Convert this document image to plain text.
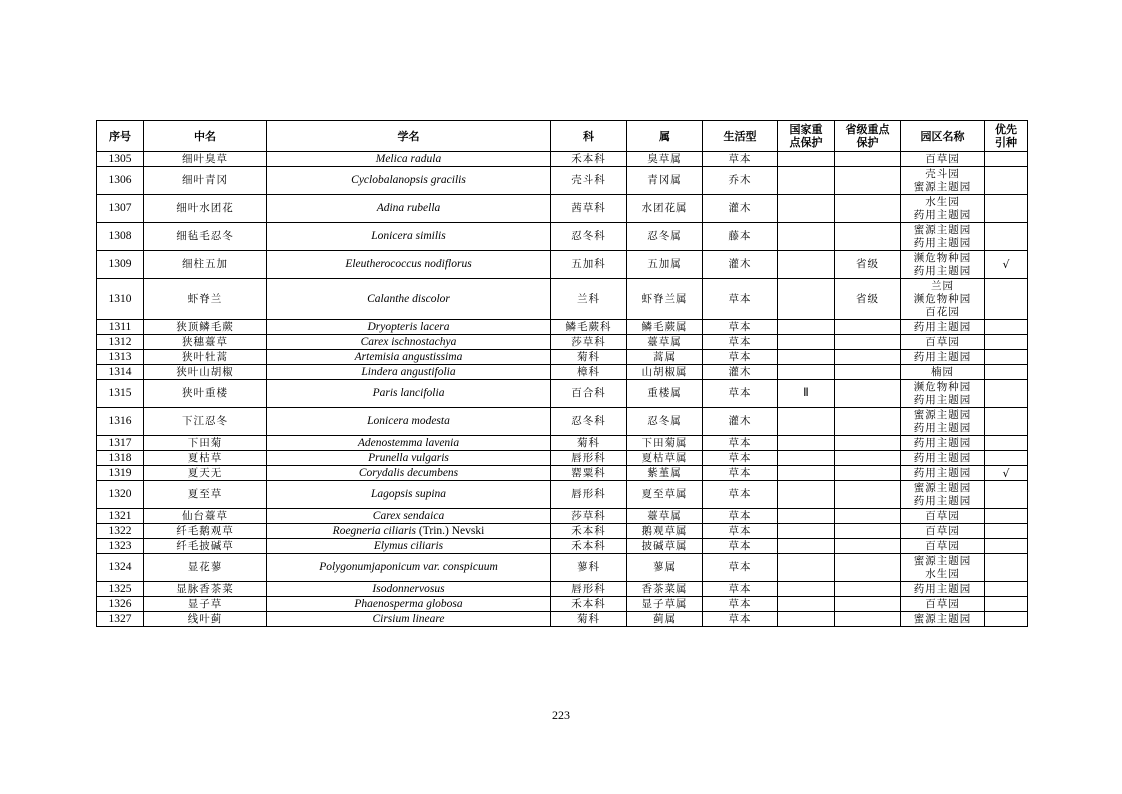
序号	中名	学名	科	属	生活型	国家重
点保护	省级重点
保护	园区名称	优先
引种

1305	细叶臭草	Melica radula	禾本科	臭草属	草本			百草园	

1306	细叶青冈	Cyclobalanopsis gracilis	壳斗科	青冈属	乔木			壳斗园
蜜源主题园	

1307	细叶水团花	Adina rubella	茜草科	水团花属	灌木			水生园
药用主题园	

1308	细毡毛忍冬	Lonicera similis	忍冬科	忍冬属	藤本			蜜源主题园
药用主题园	

1309	细柱五加	Eleutherococcus nodiflorus	五加科	五加属	灌木		省级	濒危物种园
药用主题园	√
1310	虾脊兰	Calanthe discolor	兰科	虾脊兰属	草本		省级	兰园
濒危物种园
百花园	

1311	狭顶鳞毛蕨	Dryopteris lacera	鳞毛蕨科	鳞毛蕨属	草本			药用主题园	

1312	狭穗薹草	Carex ischnostachya	莎草科	薹草属	草本			百草园	

1313	狭叶牡蒿	Artemisia angustissima	菊科	蒿属	草本			药用主题园	

1314	狭叶山胡椒	Lindera angustifolia	樟科	山胡椒属	灌木			楠园	

1315	狭叶重楼	Paris lancifolia	百合科	重楼属	草本	Ⅱ		濒危物种园
药用主题园	

1316	下江忍冬	Lonicera modesta	忍冬科	忍冬属	灌木			蜜源主题园
药用主题园	

1317	下田菊	Adenostemma lavenia	菊科	下田菊属	草本			药用主题园	

1318	夏枯草	Prunella vulgaris	唇形科	夏枯草属	草本			药用主题园	

1319	夏天无	Corydalis decumbens	罂粟科	紫堇属	草本			药用主题园	√
1320	夏至草	Lagopsis supina	唇形科	夏至草属	草本			蜜源主题园
药用主题园	

1321	仙台薹草	Carex sendaica	莎草科	薹草属	草本			百草园	

1322	纤毛鹅观草	Roegneria ciliaris (Trin.) Nevski	禾本科	鹅观草属	草本			百草园	

1323	纤毛披碱草	Elymus ciliaris	禾本科	披碱草属	草本			百草园	

1324	显花蓼	Polygonumjaponicum var. conspicuum	蓼科	蓼属	草本			蜜源主题园
水生园	

1325	显脉香茶菜	Isodonnervosus	唇形科	香茶菜属	草本			药用主题园	

1326	显子草	Phaenosperma globosa	禾本科	显子草属	草本			百草园	

1327	线叶蓟	Cirsium lineare	菊科	蓟属	草本			蜜源主题园	

223
